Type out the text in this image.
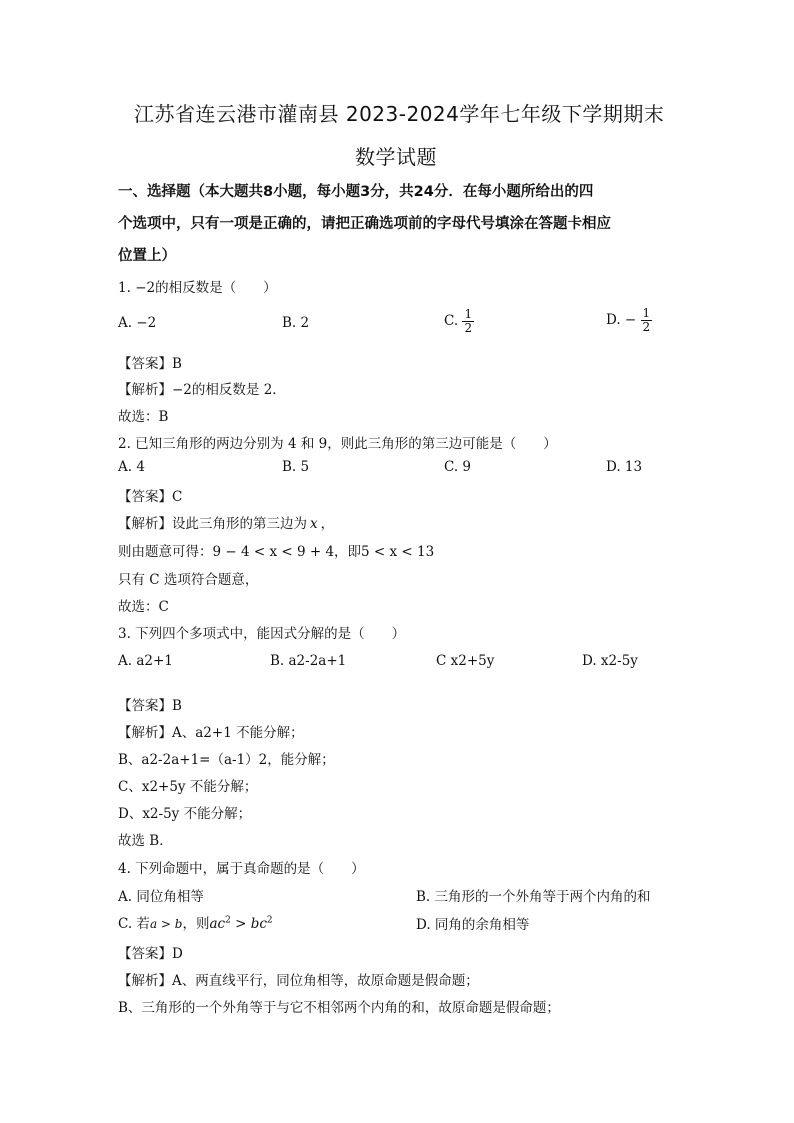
江苏省连云港市灌南县 2023-2024学年七年级下学期期末
数学试题
一、选择题（本大题共8小题，每小题3分，共24分．在每小题所给出的四
个选项中，只有一项是正确的，请把正确选项前的字母代号填涂在答题卡相应
位置上）
1. −2的相反数是（　　）
A. −2	B. 2	C. $\frac{1}{2}$	D. − $\frac{1}{2}$
【答案】B
【解析】−2的相反数是 2．
故选：B
2. 已知三角形的两边分别为 4 和 9，则此三角形的第三边可能是（　　）
A. 4	B. 5	C. 9	D. 13
【答案】C
【解析】设此三角形的第三边为 x ，
则由题意可得：9 − 4 < x < 9 + 4，即5 < x < 13
只有 C 选项符合题意，
故选：C
3. 下列四个多项式中，能因式分解的是（　　）
A. a2+1	B. a2-2a+1	C x2+5y	D. x2-5y
【答案】B
【解析】A、a2+1 不能分解；
B、a2-2a+1=（a-1）2，能分解；
C、x2+5y 不能分解；
D、x2-5y 不能分解；
故选 B．
4. 下列命题中，属于真命题的是（　　）
A. 同位角相等	B. 三角形的一个外角等于两个内角的和
C. 若a > b，则$ac^2 > bc^2$	D. 同角的余角相等
【答案】D
【解析】A、两直线平行，同位角相等，故原命题是假命题；
B、三角形的一个外角等于与它不相邻两个内角的和，故原命题是假命题；
